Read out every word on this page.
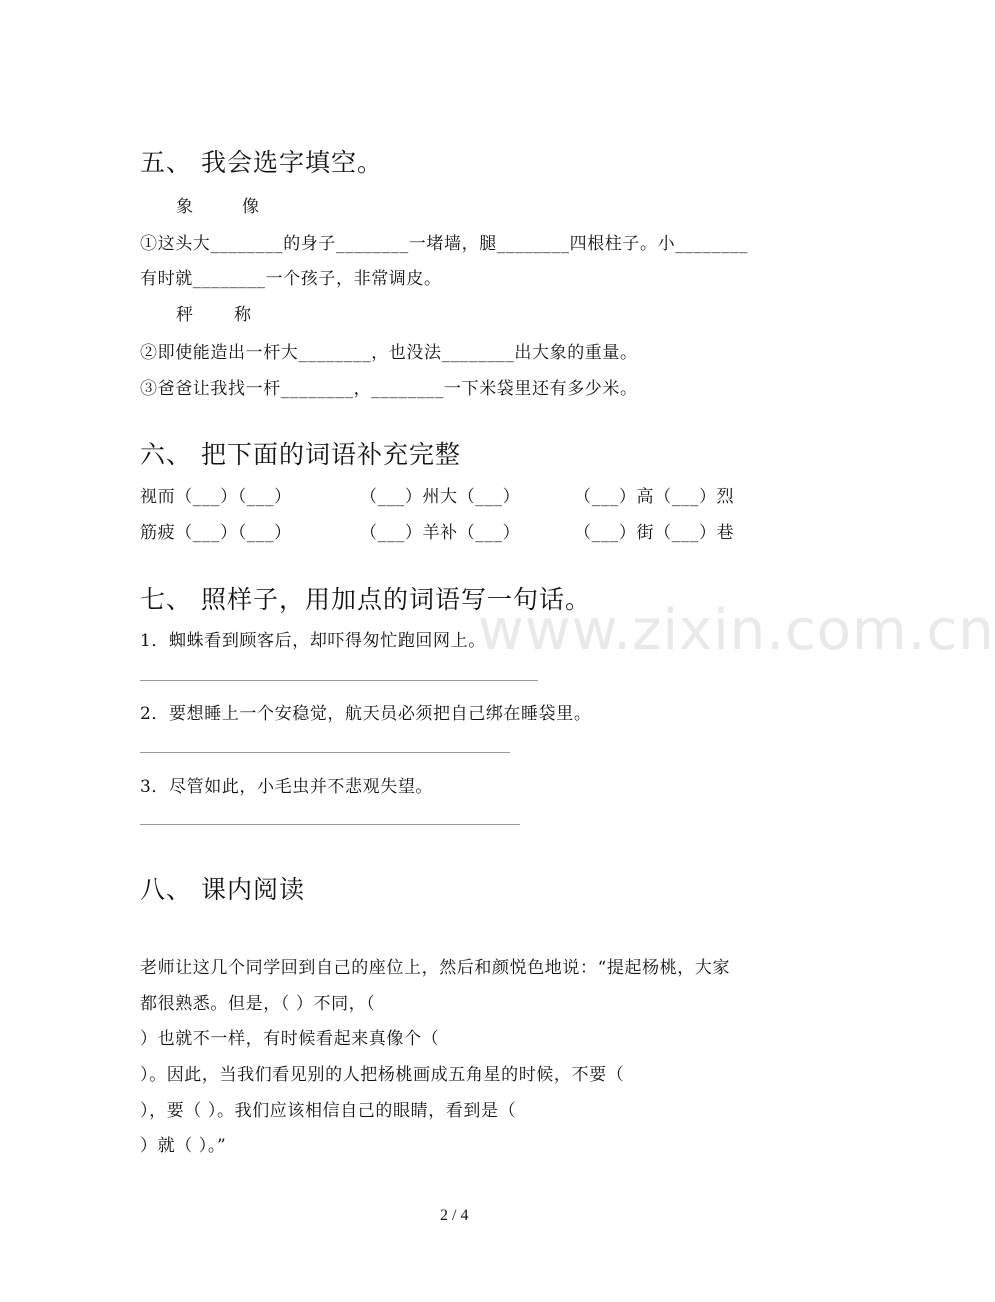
www.zixin.com.cn
五、 我会选字填空。
象	像
①这头大________的身子________一堵墙，腿________四根柱子。小________
有时就________一个孩子，非常调皮。
秤 称
②即使能造出一杆大________，也没法________出大象的重量。
③爸爸让我找一杆________，________一下米袋里还有多少米。
六、 把下面的词语补充完整
视而（___）（___）	（___）州大（___）	（___）高（___）烈
筋疲（___）（___）	（___）羊补（___）	（___）街（___）巷
七、 照样子，用加点的词语写一句话。
1．蜘蛛看到顾客后，却吓得匆忙跑回网上。
2．要想睡上一个安稳觉，航天员必须把自己绑在睡袋里。
3．尽管如此，小毛虫并不悲观失望。
八、 课内阅读
老师让这几个同学回到自己的座位上，然后和颜悦色地说：“提起杨桃，大家
都很熟悉。但是，（ ）不同，（
）也就不一样，有时候看起来真像个（
）。因此，当我们看见别的人把杨桃画成五角星的时候，不要（
），要（ ）。我们应该相信自己的眼睛，看到是（
）就（ ）。”
2 / 4
